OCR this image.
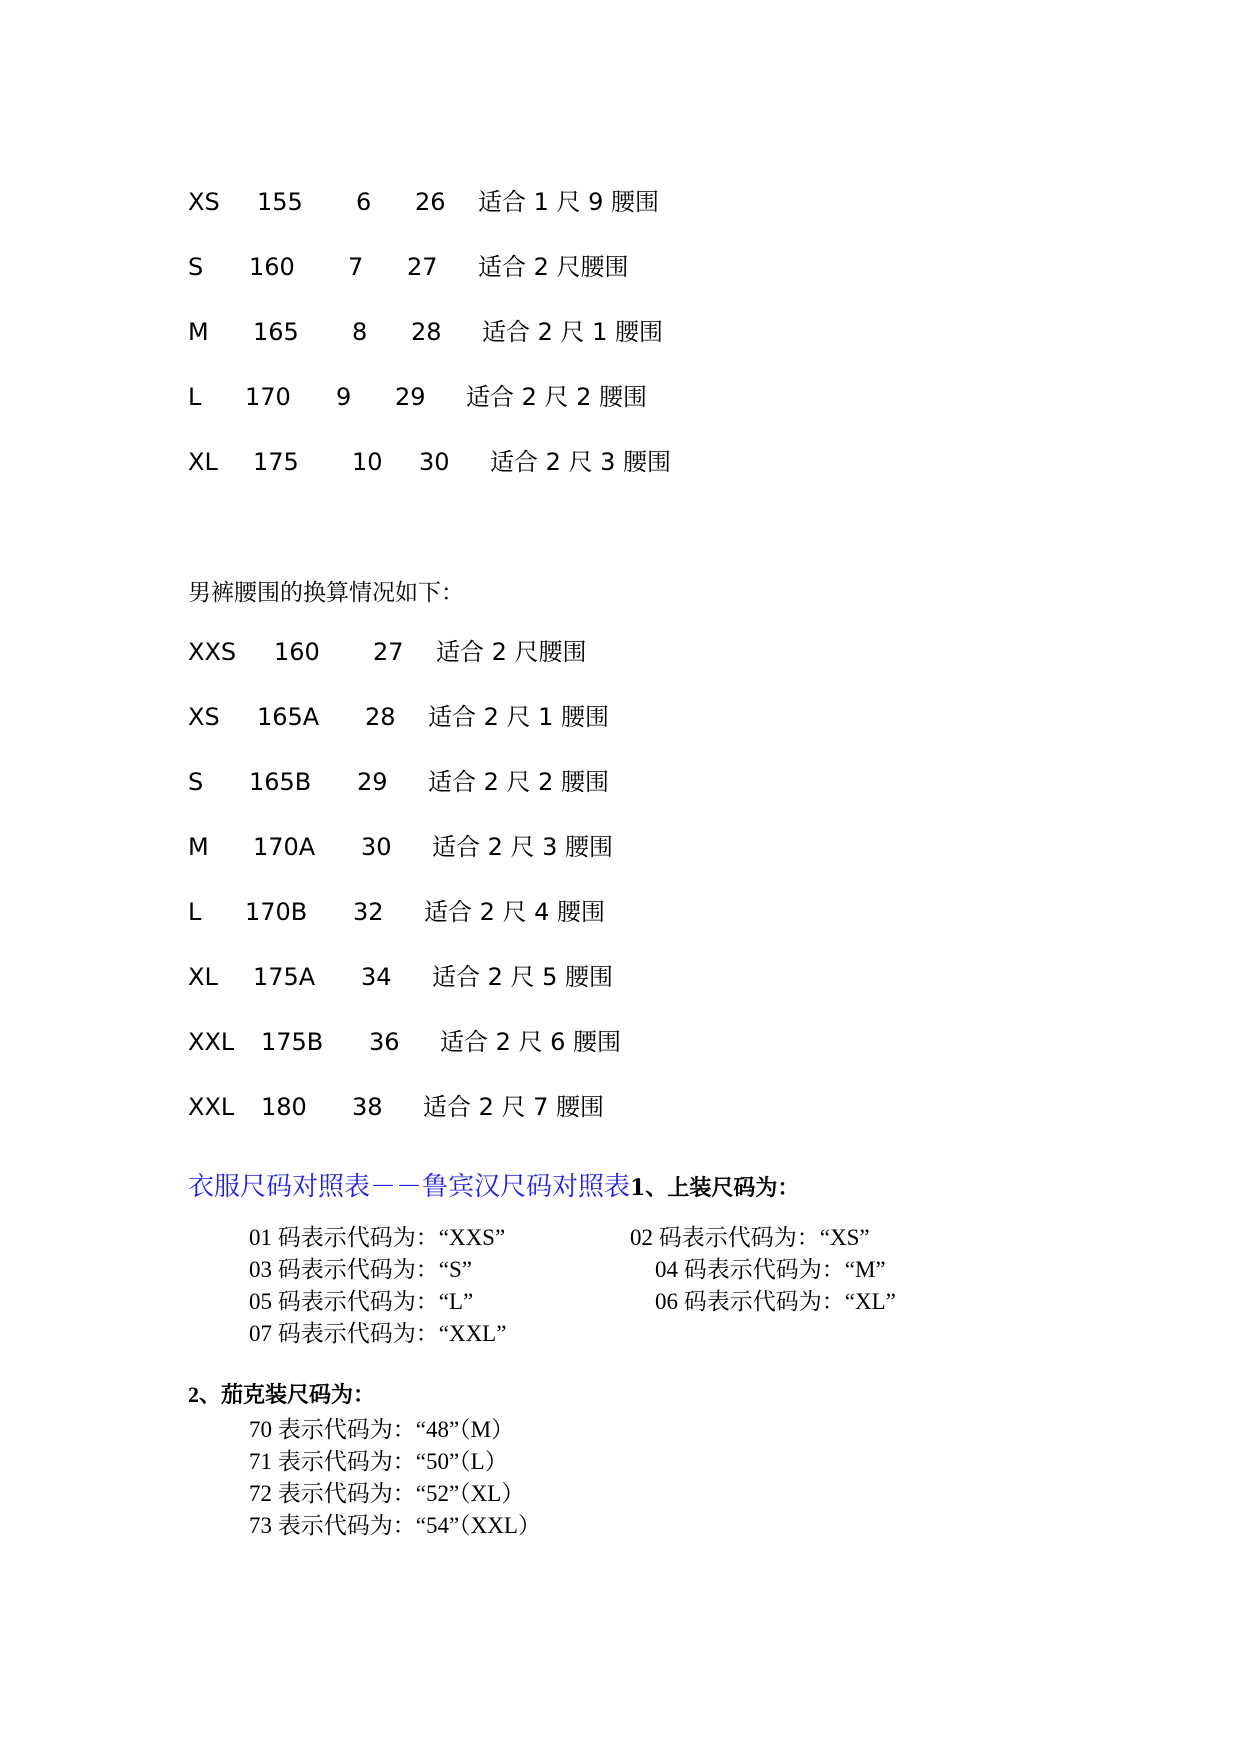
XS 155 6 26 适合 1 尺 9 腰围
S 160 7 27 适合 2 尺腰围
M 165 8 28 适合 2 尺 1 腰围
L 170 9 29 适合 2 尺 2 腰围
XL 175 10 30 适合 2 尺 3 腰围
男裤腰围的换算情况如下：
XXS 160 27 适合 2 尺腰围
XS 165A 28 适合 2 尺 1 腰围
S 165B 29 适合 2 尺 2 腰围
M 170A 30 适合 2 尺 3 腰围
L 170B 32 适合 2 尺 4 腰围
XL 175A 34 适合 2 尺 5 腰围
XXL 175B 36 适合 2 尺 6 腰围
XXL 180 38 适合 2 尺 7 腰围
衣服尺码对照表－－鲁宾汉尺码对照表1、上装尺码为：
01 码表示代码为：“XXS”	02 码表示代码为：“XS”
03 码表示代码为：“S”	04 码表示代码为：“M”
05 码表示代码为：“L”	06 码表示代码为：“XL”
07 码表示代码为：“XXL”
2、茄克装尺码为：
70 表示代码为：“48”（M）
71 表示代码为：“50”（L）
72 表示代码为：“52”（XL）
73 表示代码为：“54”（XXL）
